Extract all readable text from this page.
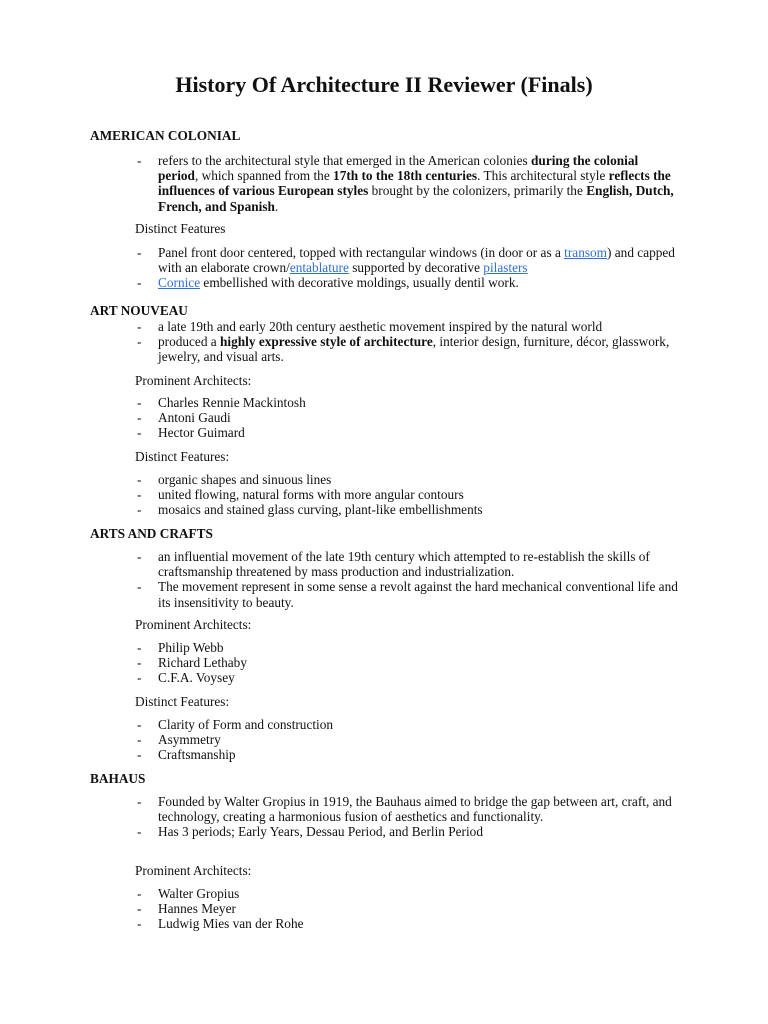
History Of Architecture II Reviewer (Finals)
AMERICAN COLONIAL
- refers to the architectural style that emerged in the American colonies during the colonial period, which spanned from the 17th to the 18th centuries. This architectural style reflects the influences of various European styles brought by the colonizers, primarily the English, Dutch, French, and Spanish.
Distinct Features
- Panel front door centered, topped with rectangular windows (in door or as a transom) and capped with an elaborate crown/entablature supported by decorative pilasters
- Cornice embellished with decorative moldings, usually dentil work.
ART NOUVEAU
- a late 19th and early 20th century aesthetic movement inspired by the natural world
- produced a highly expressive style of architecture, interior design, furniture, décor, glasswork, jewelry, and visual arts.
Prominent Architects:
- Charles Rennie Mackintosh
- Antoni Gaudi
- Hector Guimard
Distinct Features:
- organic shapes and sinuous lines
- united flowing, natural forms with more angular contours
- mosaics and stained glass curving, plant-like embellishments
ARTS AND CRAFTS
- an influential movement of the late 19th century which attempted to re-establish the skills of craftsmanship threatened by mass production and industrialization.
- The movement represent in some sense a revolt against the hard mechanical conventional life and its insensitivity to beauty.
Prominent Architects:
- Philip Webb
- Richard Lethaby
- C.F.A. Voysey
Distinct Features:
- Clarity of Form and construction
- Asymmetry
- Craftsmanship
BAHAUS
- Founded by Walter Gropius in 1919, the Bauhaus aimed to bridge the gap between art, craft, and technology, creating a harmonious fusion of aesthetics and functionality.
- Has 3 periods; Early Years, Dessau Period, and Berlin Period
Prominent Architects:
- Walter Gropius
- Hannes Meyer
- Ludwig Mies van der Rohe
